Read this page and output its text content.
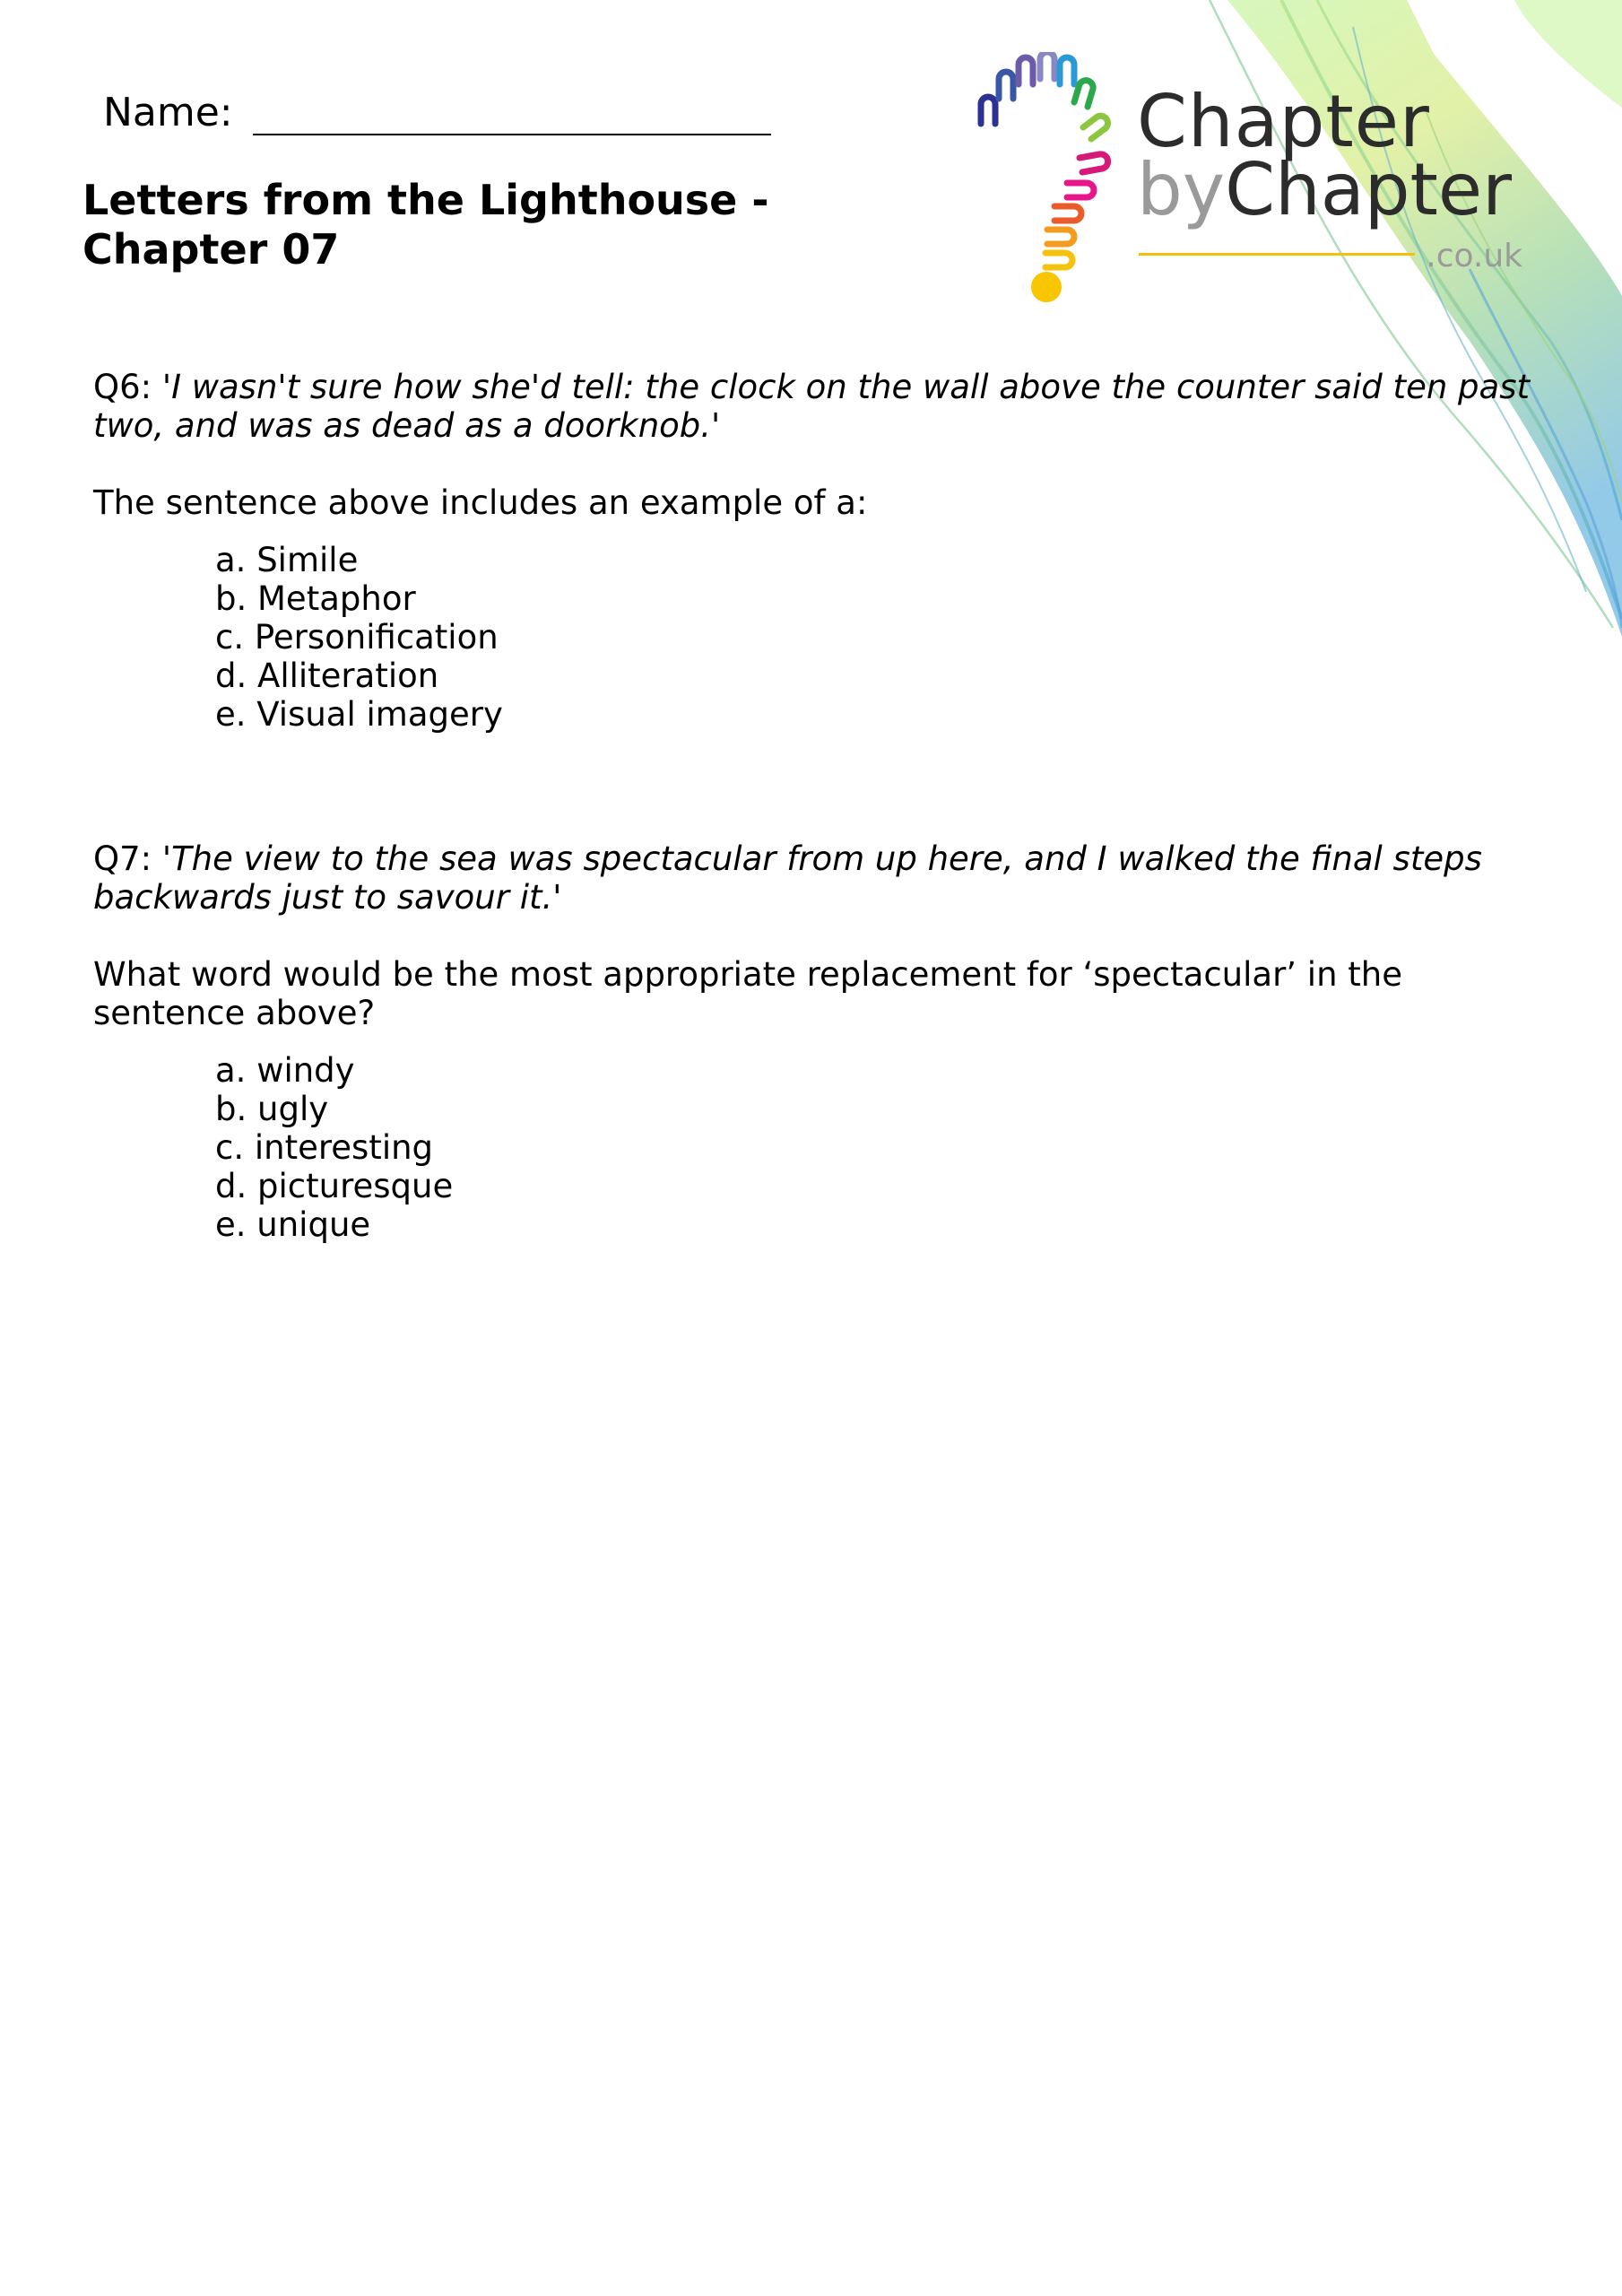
Name:
Letters from the Lighthouse - Chapter 07
Chapter
byChapter
.co.uk
Q6: 'I wasn't sure how she'd tell: the clock on the wall above the counter said ten past two, and was as dead as a doorknob.'
The sentence above includes an example of a:
a. Simile
b. Metaphor
c. Personification
d. Alliteration
e. Visual imagery
Q7: 'The view to the sea was spectacular from up here, and I walked the final steps backwards just to savour it.'
What word would be the most appropriate replacement for ‘spectacular’ in the sentence above?
a. windy
b. ugly
c. interesting
d. picturesque
e. unique
